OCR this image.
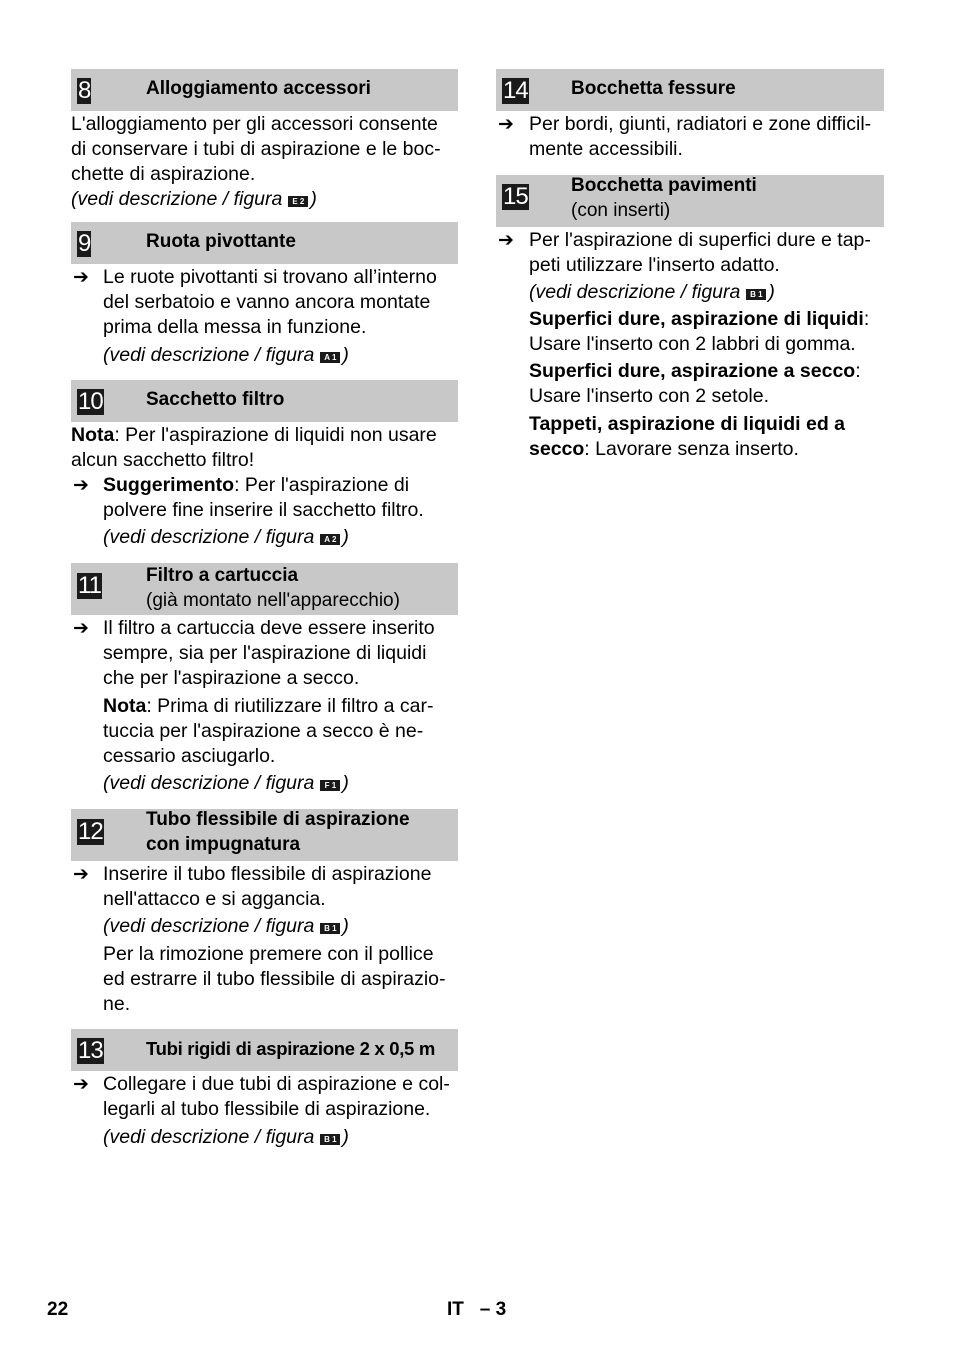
8	Alloggiamento accessori
L'alloggiamento per gli accessori consente
di conservare i tubi di aspirazione e le boc-
chette di aspirazione.
(vedi descrizione / figura E 2 )
9	Ruota pivottante
➔ Le ruote pivottanti si trovano all’interno
del serbatoio e vanno ancora montate
prima della messa in funzione.
(vedi descrizione / figura A 1 )
10 Sacchetto filtro
Nota: Per l'aspirazione di liquidi non usare
alcun sacchetto filtro!
➔ Suggerimento: Per l'aspirazione di
polvere fine inserire il sacchetto filtro.
(vedi descrizione / figura A 2 )
11 Filtro a cartuccia
(già montato nell'apparecchio)
➔ Il filtro a cartuccia deve essere inserito
sempre, sia per l'aspirazione di liquidi
che per l'aspirazione a secco.
Nota: Prima di riutilizzare il filtro a car-
tuccia per l'aspirazione a secco è ne-
cessario asciugarlo.
(vedi descrizione / figura F 1 )
12 Tubo flessibile di aspirazione
con impugnatura
➔ Inserire il tubo flessibile di aspirazione
nell'attacco e si aggancia.
(vedi descrizione / figura B 1 )
Per la rimozione premere con il pollice
ed estrarre il tubo flessibile di aspirazio-
ne.
13 Tubi rigidi di aspirazione 2 x 0,5 m
➔ Collegare i due tubi di aspirazione e col-
legarli al tubo flessibile di aspirazione.
(vedi descrizione / figura B 1 )
14 Bocchetta fessure
➔ Per bordi, giunti, radiatori e zone difficil-
mente accessibili.
15 Bocchetta pavimenti
(con inserti)
➔ Per l'aspirazione di superfici dure e tap-
peti utilizzare l'inserto adatto.
(vedi descrizione / figura B 1 )
Superfici dure, aspirazione di liquidi:
Usare l'inserto con 2 labbri di gomma.
Superfici dure, aspirazione a secco:
Usare l'inserto con 2 setole.
Tappeti, aspirazione di liquidi ed a
secco: Lavorare senza inserto.
22	IT   – 3
